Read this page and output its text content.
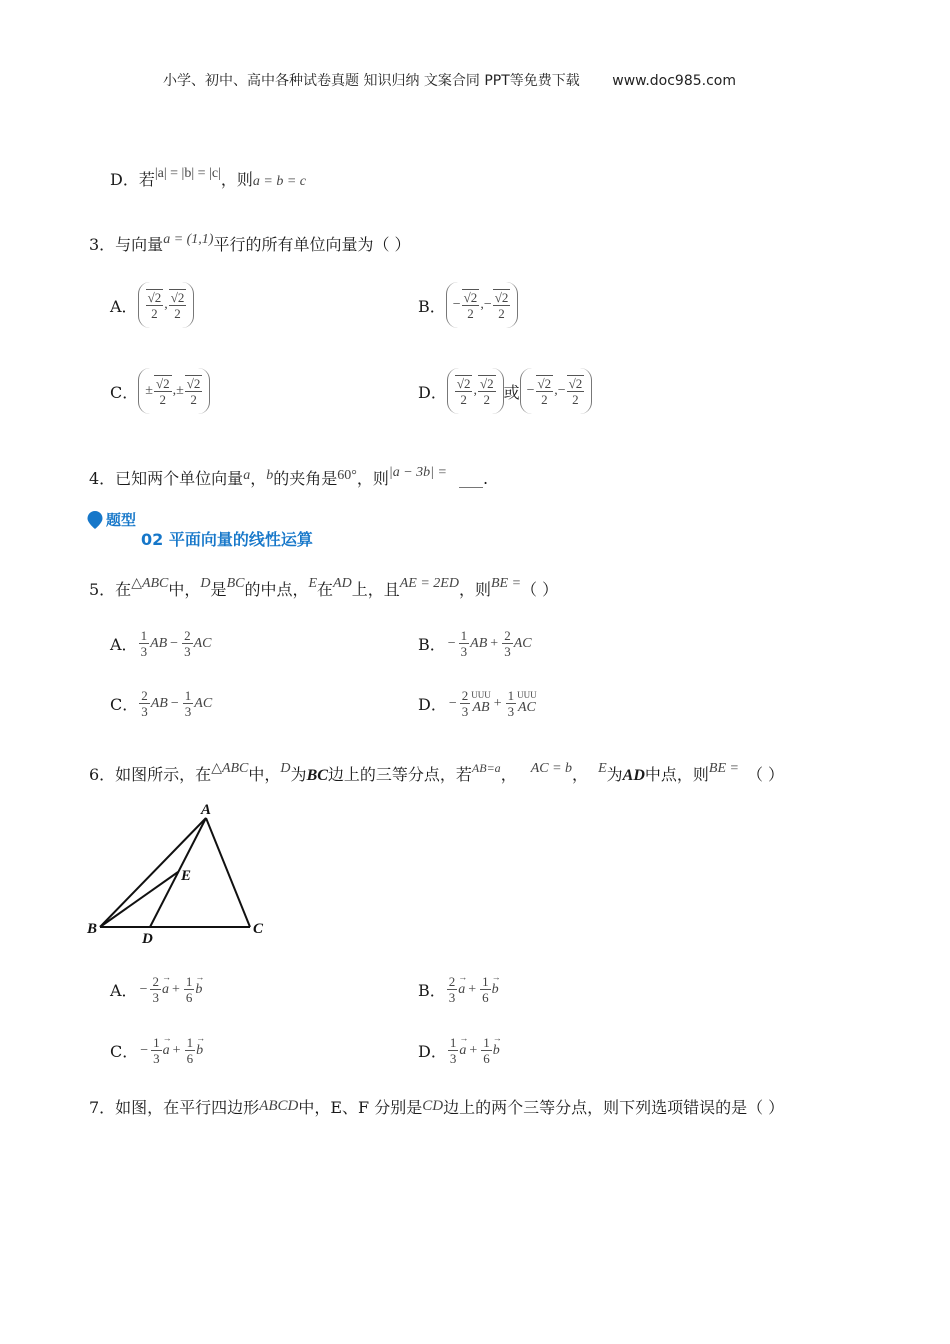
小学、初中、高中各种试卷真题 知识归纳 文案合同 PPT等免费下载 www.doc985.com
D．若|a| = |b| = |c|，则a = b = c
3．与向量a = (1,1)平行的所有单位向量为（ ）
A． $\frac{√2}{2}$ , $\frac{√2}{2}$	B． − $\frac{√2}{2}$ , − $\frac{√2}{2}$
C． ± $\frac{√2}{2}$ , ± $\frac{√2}{2}$	D． $\frac{√2}{2}$ , $\frac{√2}{2}$ 或 − $\frac{√2}{2}$ , − $\frac{√2}{2}$
4．已知两个单位向量a，b的夹角是60°，则|a − 3b| = ___.
题型
02 平面向量的线性运算
5．在△ABC中，D是BC的中点，E在AD上，且AE = 2ED，则BE =（ ）
A． $\frac{1}{3}$ AB − $\frac{2}{3}$ AC	B． − $\frac{1}{3}$ AB + $\frac{2}{3}$ AC
C． $\frac{2}{3}$ AB − $\frac{1}{3}$ AC	D． − $\frac{2}{3}$ UUU
AB + $\frac{1}{3}$ UUU
AC
6．如图所示，在△ABC中，D为BC边上的三等分点，若$^{AB=a}$， AC = b， E为AD中点，则BE = （ ）
A
B	C
D
E
A． − $\frac{2}{3}$
→ $a + \frac{1}{6}$
→ b	B． $\frac{2}{3}$
→ $a + \frac{1}{6}$
→ b
C． − $\frac{1}{3}$
→ $a + \frac{1}{6}$
→ b	D． $\frac{1}{3}$
→ $a + \frac{1}{6}$
→ b
7．如图，在平行四边形ABCD中，E、F 分别是CD边上的两个三等分点，则下列选项错误的是（ ）
